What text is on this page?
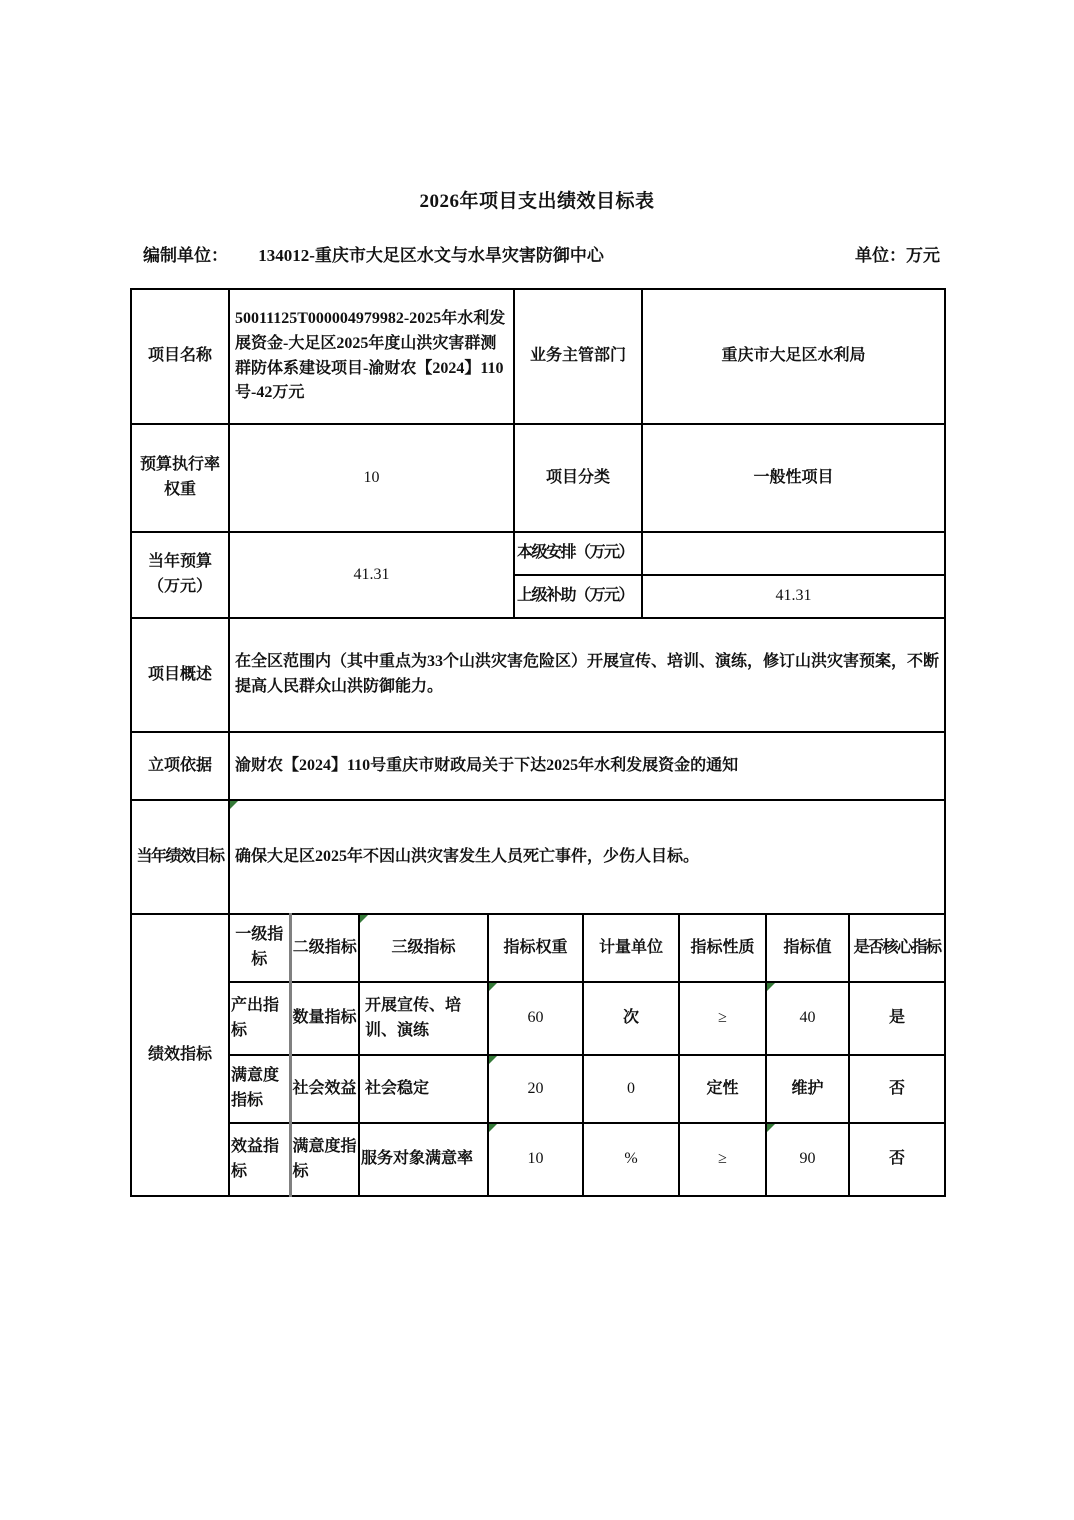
2026年项目支出绩效目标表
编制单位： 134012-重庆市大足区水文与水旱灾害防御中心	单位：万元
项目名称	50011125T000004979982-2025年水利发展资金-大足区2025年度山洪灾害群测群防体系建设项目-渝财农【2024】110号-42万元				业务主管部门		重庆市大足区水利局			
预算执行率权重	10				项目分类		一般性项目			
当年预算（万元）	41.31				本级安排（万元）					
					上级补助（万元）		41.31			
项目概述	在全区范围内（其中重点为33个山洪灾害危险区）开展宣传、培训、演练，修订山洪灾害预案，不断提高人民群众山洪防御能力。									
立项依据	渝财农【2024】110号重庆市财政局关于下达2025年水利发展资金的通知									
当年绩效目标	确保大足区2025年不因山洪灾害发生人员死亡事件，少伤人目标。									
绩效指标	一级指标	二级指标	三级指标	指标权重		计量单位		指标性质	指标值	是否核心指标
	产出指标	数量指标	开展宣传、培训、演练	60		次		≥	40	是
	满意度指标	社会效益	社会稳定	20		0		定性	维护	否
	效益指标	满意度指标	服务对象满意率	10		%		≥	90	否
